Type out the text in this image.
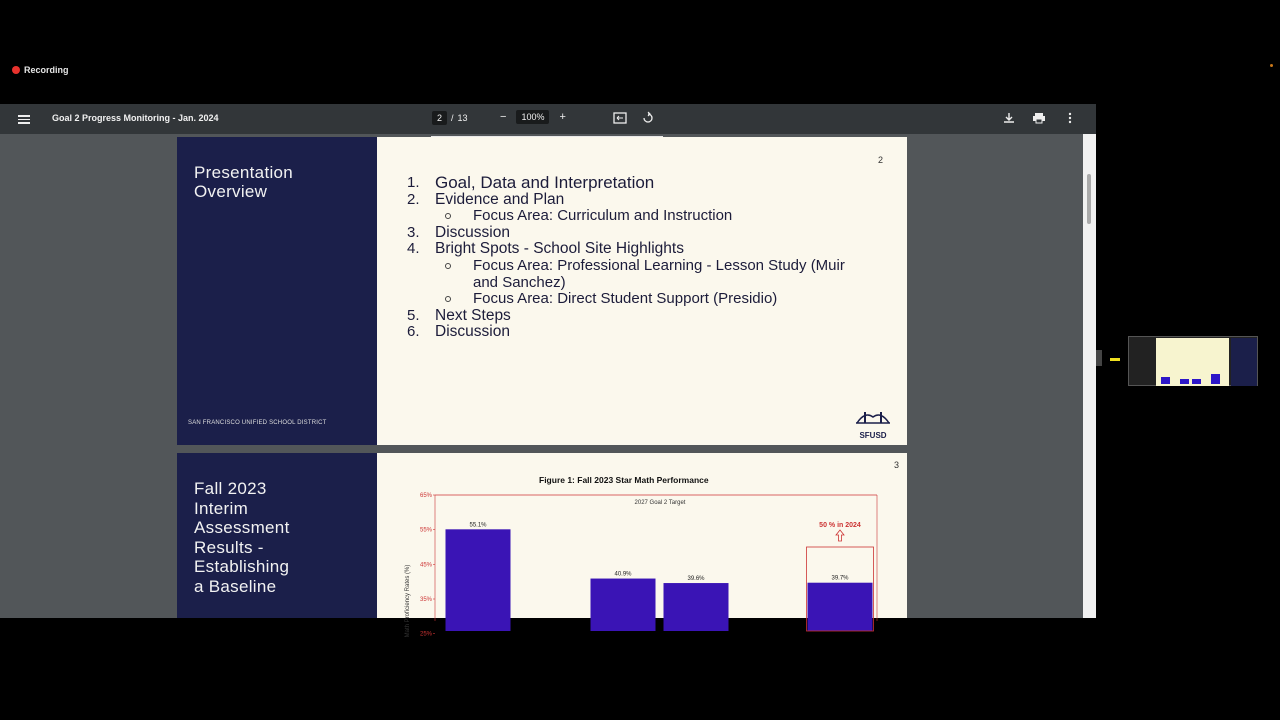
Recording
Goal 2 Progress Monitoring - Jan. 2024	2	/ 13	−	100%	+
Presentation
Overview
SAN FRANCISCO UNIFIED SCHOOL DISTRICT
2
1. Goal, Data and Interpretation
2. Evidence and Plan
Focus Area: Curriculum and Instruction
3. Discussion
4. Bright Spots - School Site Highlights
Focus Area: Professional Learning - Lesson Study (Muir and Sanchez)
Focus Area: Direct Student Support (Presidio)
5. Next Steps
6. Discussion
SFUSD
Fall 2023
Interim
Assessment
Results -
Establishing
a Baseline
3
Figure 1: Fall 2023 Star Math Performance
2027 Goal 2 Target
65%
55%
45%
35%
25%
Math Proficiency Rates (%)
55.1%
40.9%
39.6%	39.7%
50 % in 2024
